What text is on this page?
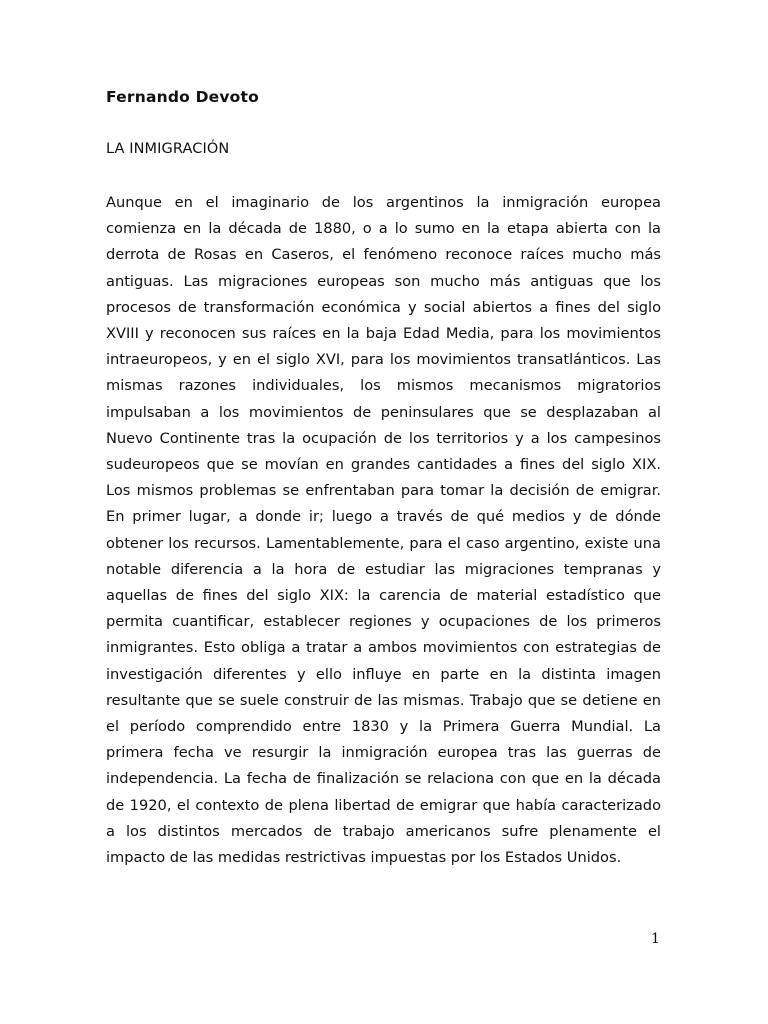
Fernando Devoto
LA INMIGRACIÓN

Aunque en el imaginario de los argentinos la inmigración europea comienza en la década de 1880, o a lo sumo en la etapa abierta con la derrota de Rosas en Caseros, el fenómeno reconoce raíces mucho más antiguas. Las migraciones europeas son mucho más antiguas que los procesos de transformación económica y social abiertos a fines del siglo XVIII y reconocen sus raíces en la baja Edad Media, para los movimientos intraeuropeos, y en el siglo XVI, para los movimientos transatlánticos. Las mismas razones individuales, los mismos mecanismos migratorios impulsaban a los movimientos de peninsulares que se desplazaban al Nuevo Continente tras la ocupación de los territorios y a los campesinos sudeuropeos que se movían en grandes cantidades a fines del siglo XIX. Los mismos problemas se enfrentaban para tomar la decisión de emigrar. En primer lugar, a donde ir; luego a través de qué medios y de dónde obtener los recursos. Lamentablemente, para el caso argentino, existe una notable diferencia a la hora de estudiar las migraciones tempranas y aquellas de fines del siglo XIX: la carencia de material estadístico que permita cuantificar, establecer regiones y ocupaciones de los primeros inmigrantes. Esto obliga a tratar a ambos movimientos con estrategias de investigación diferentes y ello influye en parte en la distinta imagen resultante que se suele construir de las mismas. Trabajo que se detiene en el período comprendido entre 1830 y la Primera Guerra Mundial. La primera fecha ve resurgir la inmigración europea tras las guerras de independencia. La fecha de finalización se relaciona con que en la década de 1920, el contexto de plena libertad de emigrar que había caracterizado a los distintos mercados de trabajo americanos sufre plenamente el impacto de las medidas restrictivas impuestas por los Estados Unidos.

1
